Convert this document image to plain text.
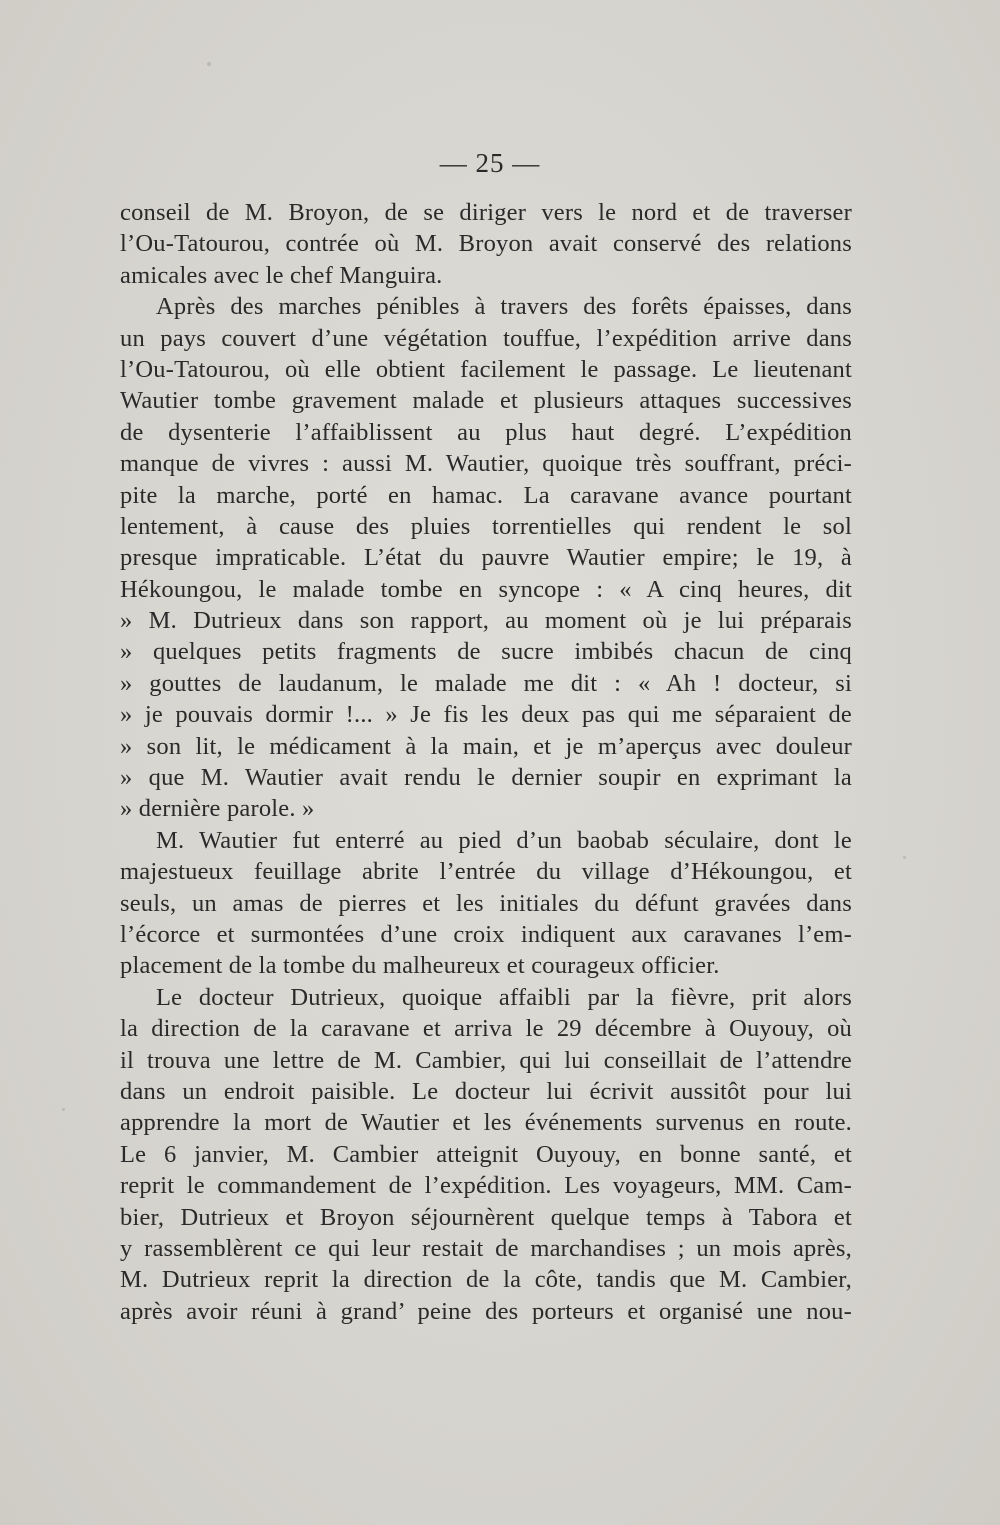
— 25 —
conseil de M. Broyon, de se diriger vers le nord et de traverser
l’Ou-Tatourou, contrée où M. Broyon avait conservé des relations
amicales avec le chef Manguira.
Après des marches pénibles à travers des forêts épaisses, dans
un pays couvert d’une végétation touffue, l’expédition arrive dans
l’Ou-Tatourou, où elle obtient facilement le passage. Le lieutenant
Wautier tombe gravement malade et plusieurs attaques successives
de dysenterie l’affaiblissent au plus haut degré. L’expédition
manque de vivres : aussi M. Wautier, quoique très souffrant, préci-
pite la marche, porté en hamac. La caravane avance pourtant
lentement, à cause des pluies torrentielles qui rendent le sol
presque impraticable. L’état du pauvre Wautier empire; le 19, à
Hékoungou, le malade tombe en syncope : « A cinq heures, dit
» M. Dutrieux dans son rapport, au moment où je lui préparais
» quelques petits fragments de sucre imbibés chacun de cinq
» gouttes de laudanum, le malade me dit : « Ah ! docteur, si
» je pouvais dormir !... » Je fis les deux pas qui me séparaient de
» son lit, le médicament à la main, et je m’aperçus avec douleur
» que M. Wautier avait rendu le dernier soupir en exprimant la
» dernière parole. »
M. Wautier fut enterré au pied d’un baobab séculaire, dont le
majestueux feuillage abrite l’entrée du village d’Hékoungou, et
seuls, un amas de pierres et les initiales du défunt gravées dans
l’écorce et surmontées d’une croix indiquent aux caravanes l’em-
placement de la tombe du malheureux et courageux officier.
Le docteur Dutrieux, quoique affaibli par la fièvre, prit alors
la direction de la caravane et arriva le 29 décembre à Ouyouy, où
il trouva une lettre de M. Cambier, qui lui conseillait de l’attendre
dans un endroit paisible. Le docteur lui écrivit aussitôt pour lui
apprendre la mort de Wautier et les événements survenus en route.
Le 6 janvier, M. Cambier atteignit Ouyouy, en bonne santé, et
reprit le commandement de l’expédition. Les voyageurs, MM. Cam-
bier, Dutrieux et Broyon séjournèrent quelque temps à Tabora et
y rassemblèrent ce qui leur restait de marchandises ; un mois après,
M. Dutrieux reprit la direction de la côte, tandis que M. Cambier,
après avoir réuni à grand’ peine des porteurs et organisé une nou-
